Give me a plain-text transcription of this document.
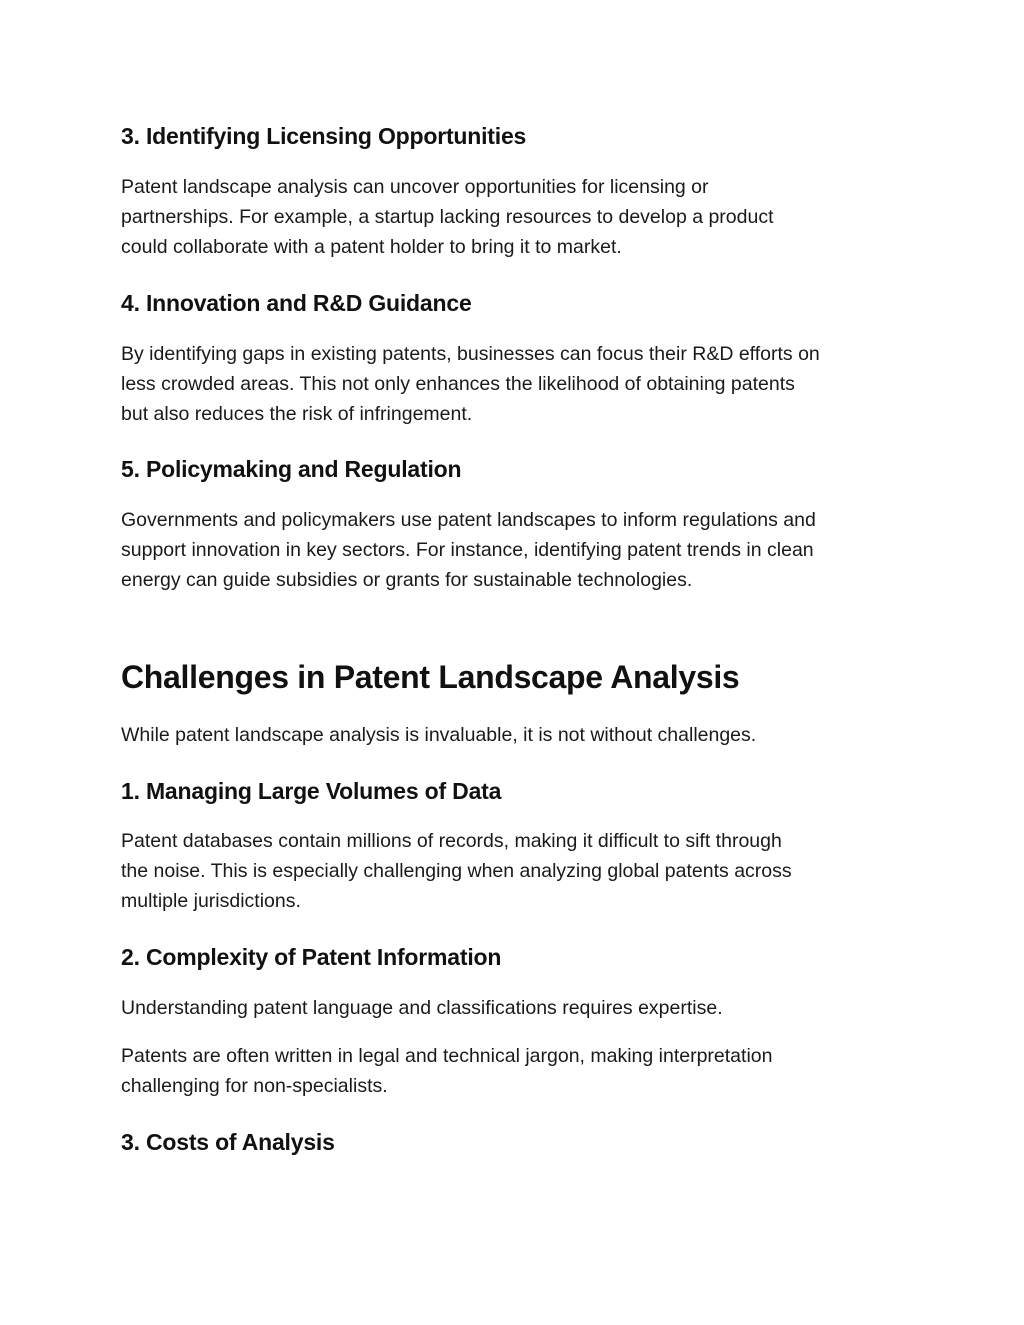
3. Identifying Licensing Opportunities

Patent landscape analysis can uncover opportunities for licensing or
partnerships. For example, a startup lacking resources to develop a product
could collaborate with a patent holder to bring it to market.

4. Innovation and R&D Guidance

By identifying gaps in existing patents, businesses can focus their R&D efforts on
less crowded areas. This not only enhances the likelihood of obtaining patents
but also reduces the risk of infringement.

5. Policymaking and Regulation

Governments and policymakers use patent landscapes to inform regulations and
support innovation in key sectors. For instance, identifying patent trends in clean
energy can guide subsidies or grants for sustainable technologies.

Challenges in Patent Landscape Analysis

While patent landscape analysis is invaluable, it is not without challenges.

1. Managing Large Volumes of Data

Patent databases contain millions of records, making it difficult to sift through
the noise. This is especially challenging when analyzing global patents across
multiple jurisdictions.

2. Complexity of Patent Information

Understanding patent language and classifications requires expertise.

Patents are often written in legal and technical jargon, making interpretation
challenging for non-specialists.

3. Costs of Analysis
